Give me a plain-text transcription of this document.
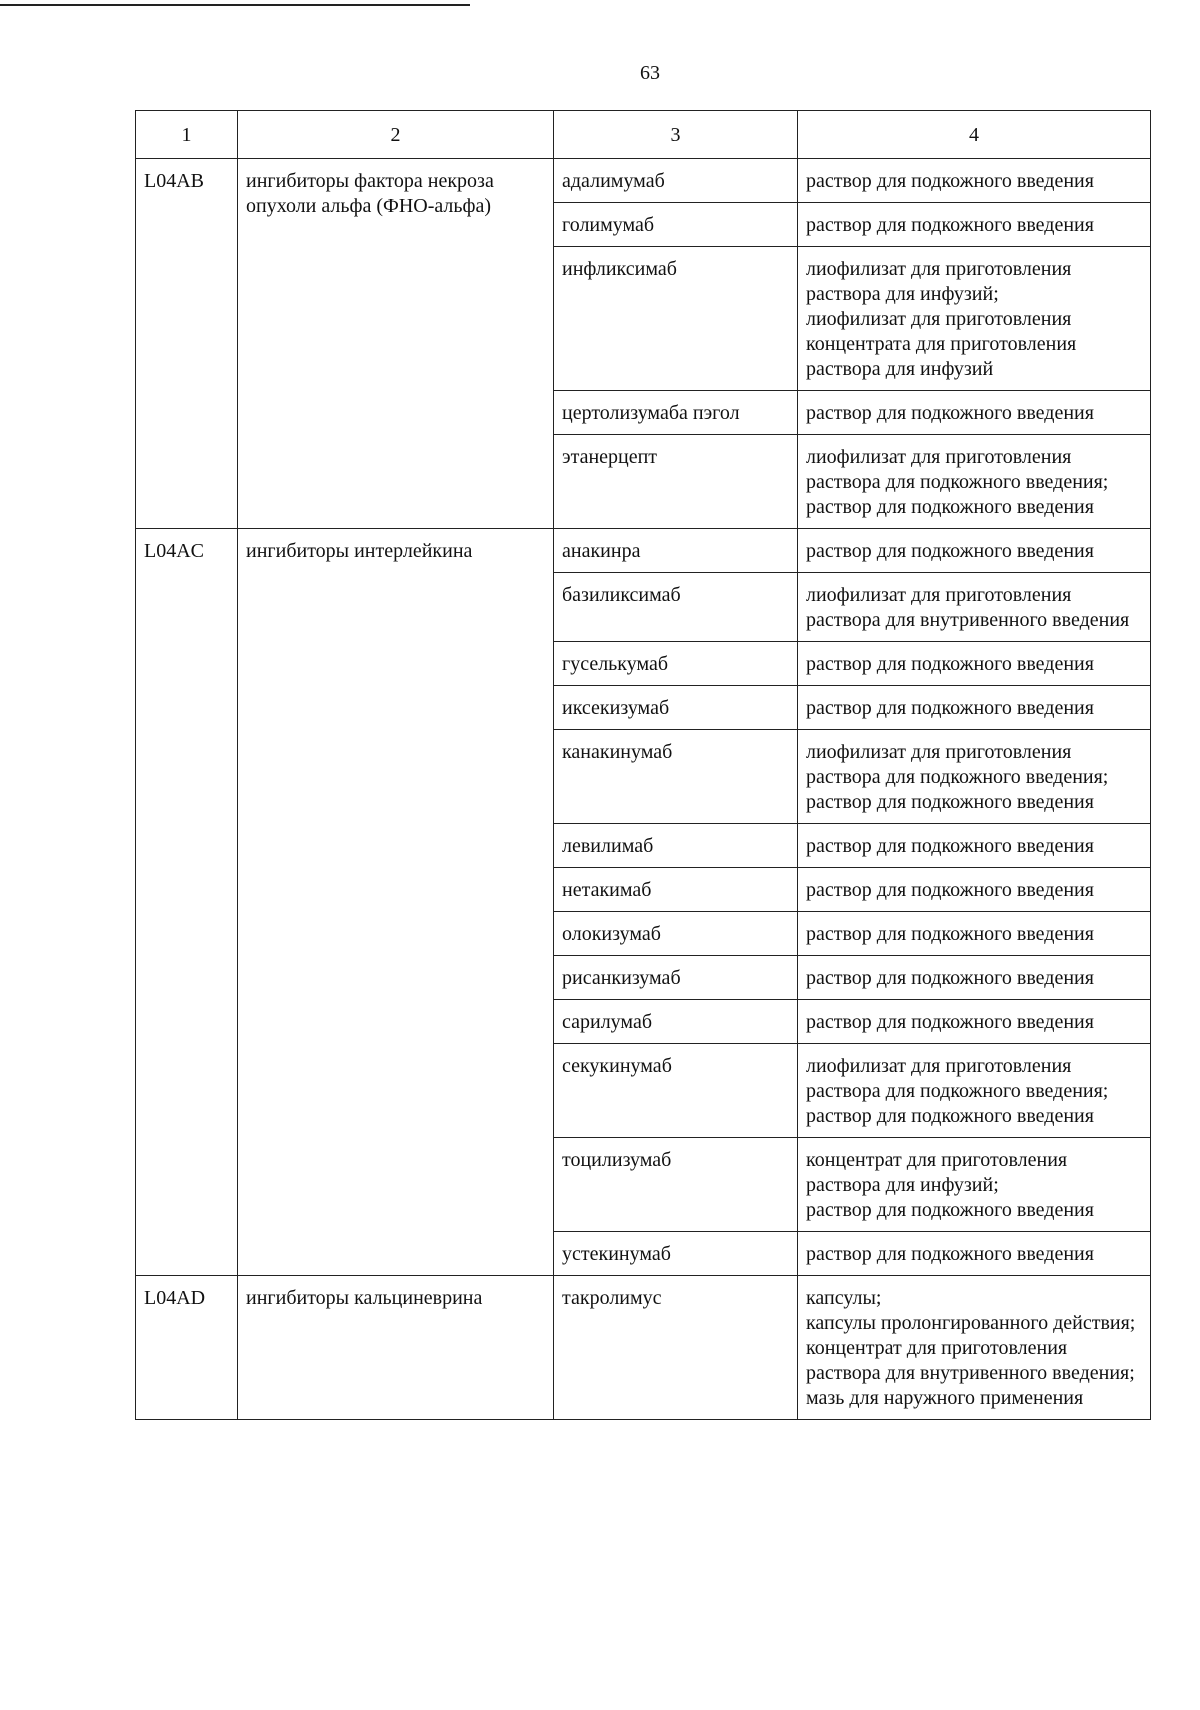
63
1	2	3	4
L04AB	ингибиторы фактора некроза опухоли альфа (ФНО-альфа)	адалимумаб	раствор для подкожного введения

		голимумаб	раствор для подкожного введения

		инфликсимаб	лиофилизат для приготовления раствора для инфузий;
лиофилизат для приготовления концентрата для приготовления раствора для инфузий

		цертолизумаба пэгол	раствор для подкожного введения

		этанерцепт	лиофилизат для приготовления раствора для подкожного введения;
раствор для подкожного введения

L04AC	ингибиторы интерлейкина	анакинра	раствор для подкожного введения

		базиликсимаб	лиофилизат для приготовления раствора для внутривенного введения

		гуселькумаб	раствор для подкожного введения

		иксекизумаб	раствор для подкожного введения

		канакинумаб	лиофилизат для приготовления раствора для подкожного введения;
раствор для подкожного введения

		левилимаб	раствор для подкожного введения

		нетакимаб	раствор для подкожного введения

		олокизумаб	раствор для подкожного введения

		рисанкизумаб	раствор для подкожного введения

		сарилумаб	раствор для подкожного введения

		секукинумаб	лиофилизат для приготовления раствора для подкожного введения;
раствор для подкожного введения

		тоцилизумаб	концентрат для приготовления раствора для инфузий;
раствор для подкожного введения

		устекинумаб	раствор для подкожного введения

L04AD	ингибиторы кальциневрина	такролимус	капсулы;
капсулы пролонгированного действия;
концентрат для приготовления раствора для внутривенного введения;
мазь для наружного применения
